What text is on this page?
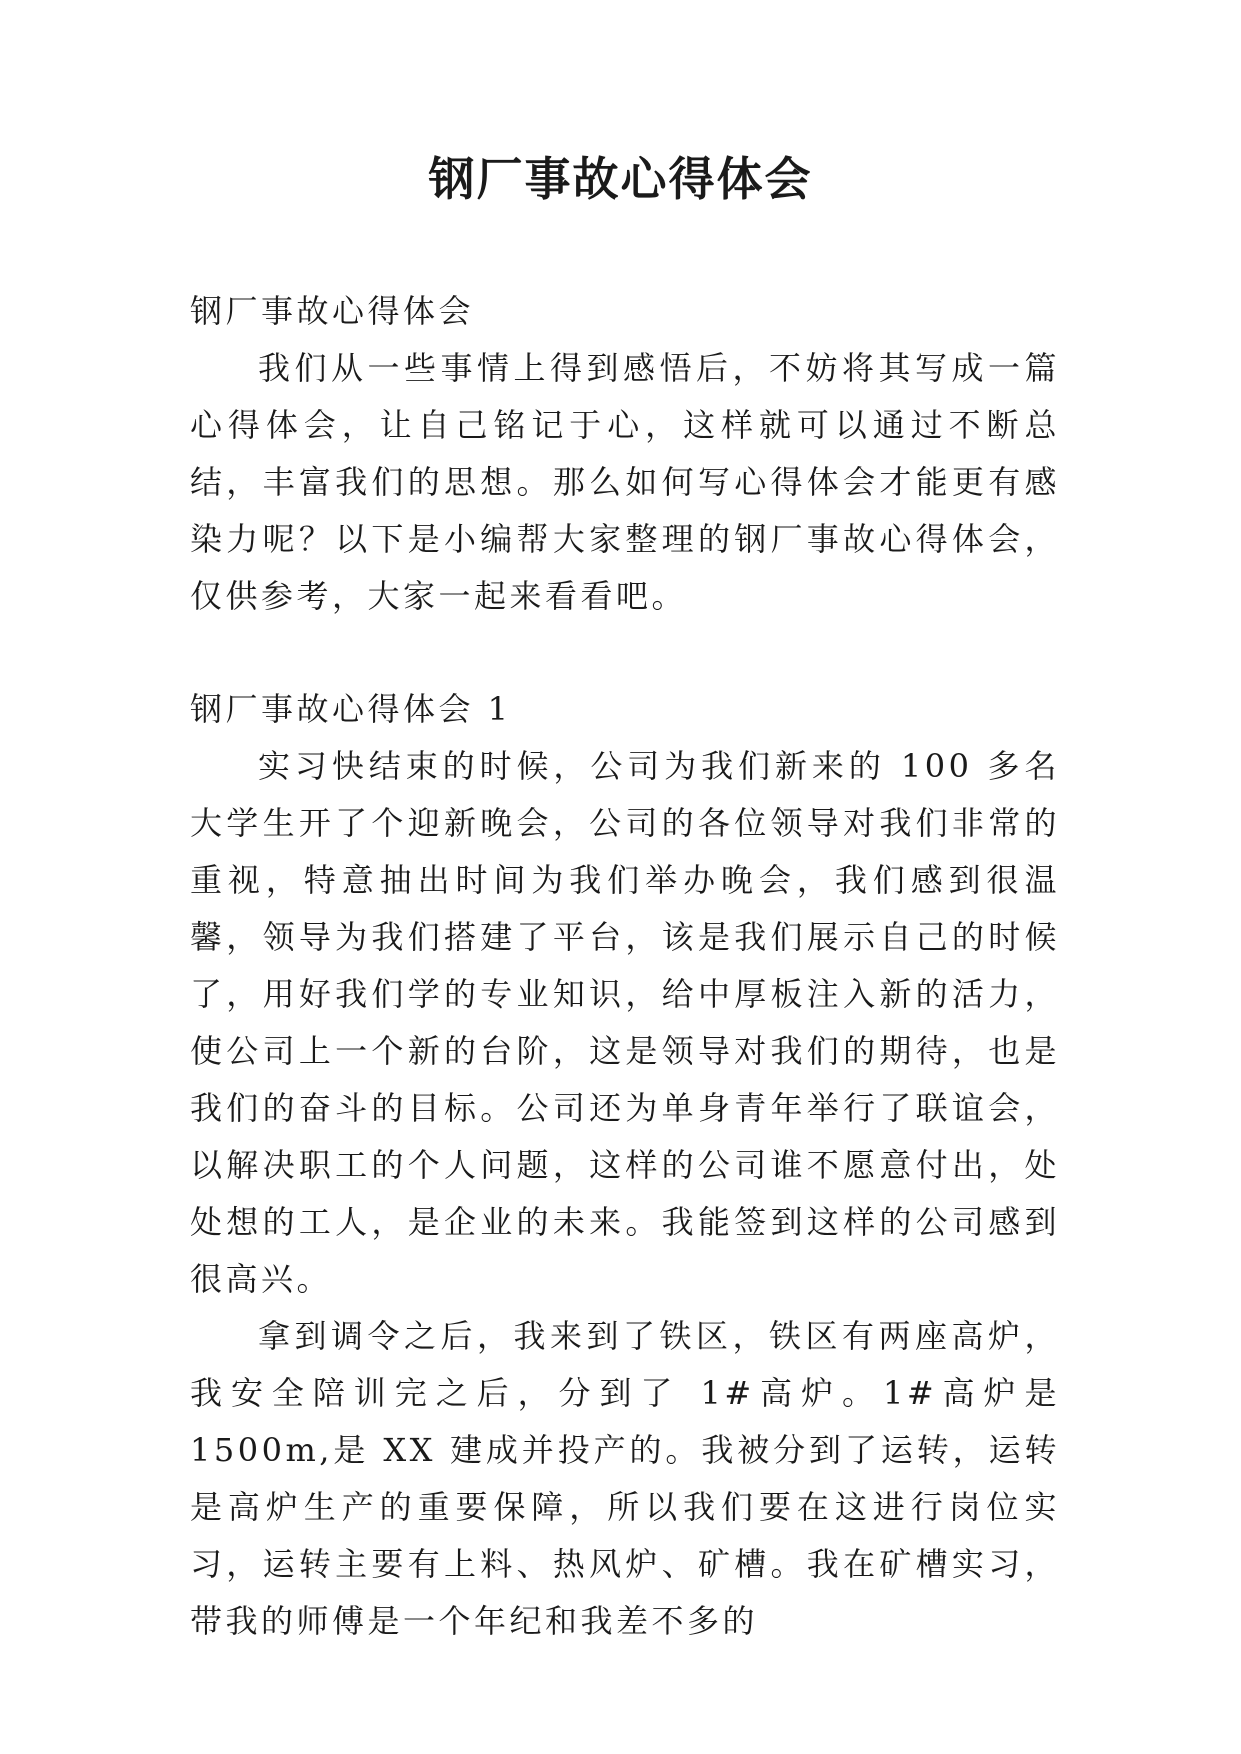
钢厂事故心得体会

钢厂事故心得体会

我们从一些事情上得到感悟后，不妨将其写成一篇心得体会，让自己铭记于心，这样就可以通过不断总结，丰富我们的思想。那么如何写心得体会才能更有感染力呢？以下是小编帮大家整理的钢厂事故心得体会，仅供参考，大家一起来看看吧。

钢厂事故心得体会 1

实习快结束的时候，公司为我们新来的 100 多名大学生开了个迎新晚会，公司的各位领导对我们非常的重视，特意抽出时间为我们举办晚会，我们感到很温馨，领导为我们搭建了平台，该是我们展示自己的时候了，用好我们学的专业知识，给中厚板注入新的活力，使公司上一个新的台阶，这是领导对我们的期待，也是我们的奋斗的目标。公司还为单身青年举行了联谊会，以解决职工的个人问题，这样的公司谁不愿意付出，处处想的工人，是企业的未来。我能签到这样的公司感到很高兴。

拿到调令之后，我来到了铁区，铁区有两座高炉，我安全陪训完之后，分到了 1#高炉。1#高炉是 1500m,是 XX 建成并投产的。我被分到了运转，运转是高炉生产的重要保障，所以我们要在这进行岗位实习，运转主要有上料、热风炉、矿槽。我在矿槽实习，带我的师傅是一个年纪和我差不多的
